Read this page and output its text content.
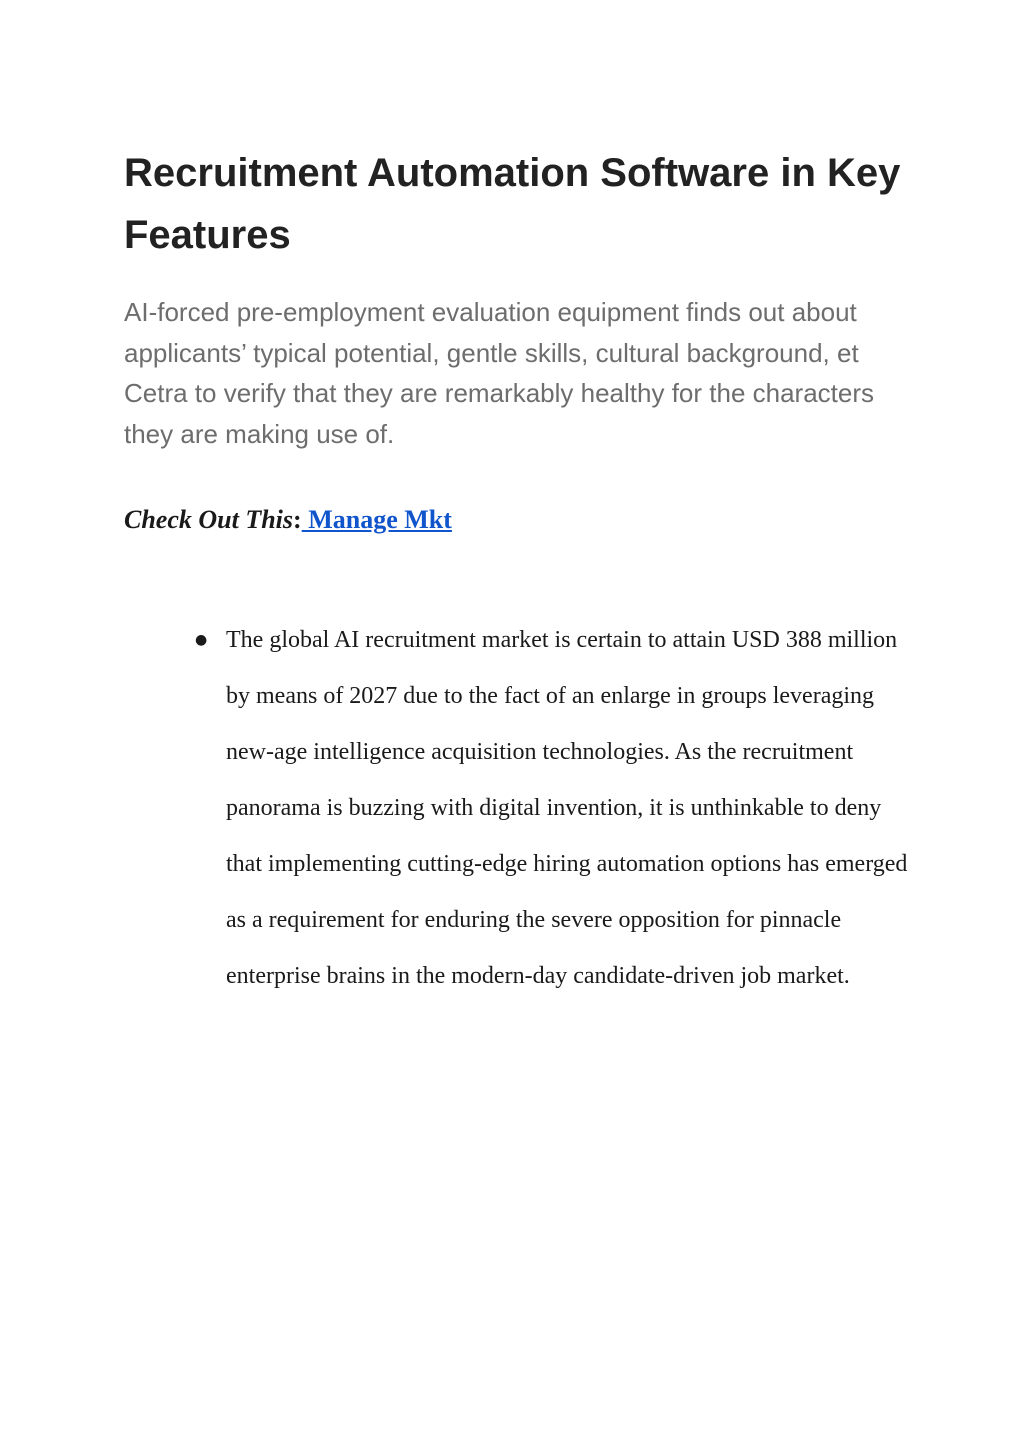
Recruitment Automation Software in Key Features

AI-forced pre-employment evaluation equipment finds out about applicants’ typical potential, gentle skills, cultural background, et Cetra to verify that they are remarkably healthy for the characters they are making use of.

Check Out This: Manage Mkt

● The global AI recruitment market is certain to attain USD 388 million by means of 2027 due to the fact of an enlarge in groups leveraging new-age intelligence acquisition technologies. As the recruitment panorama is buzzing with digital invention, it is unthinkable to deny that implementing cutting-edge hiring automation options has emerged as a requirement for enduring the severe opposition for pinnacle enterprise brains in the modern-day candidate-driven job market.
